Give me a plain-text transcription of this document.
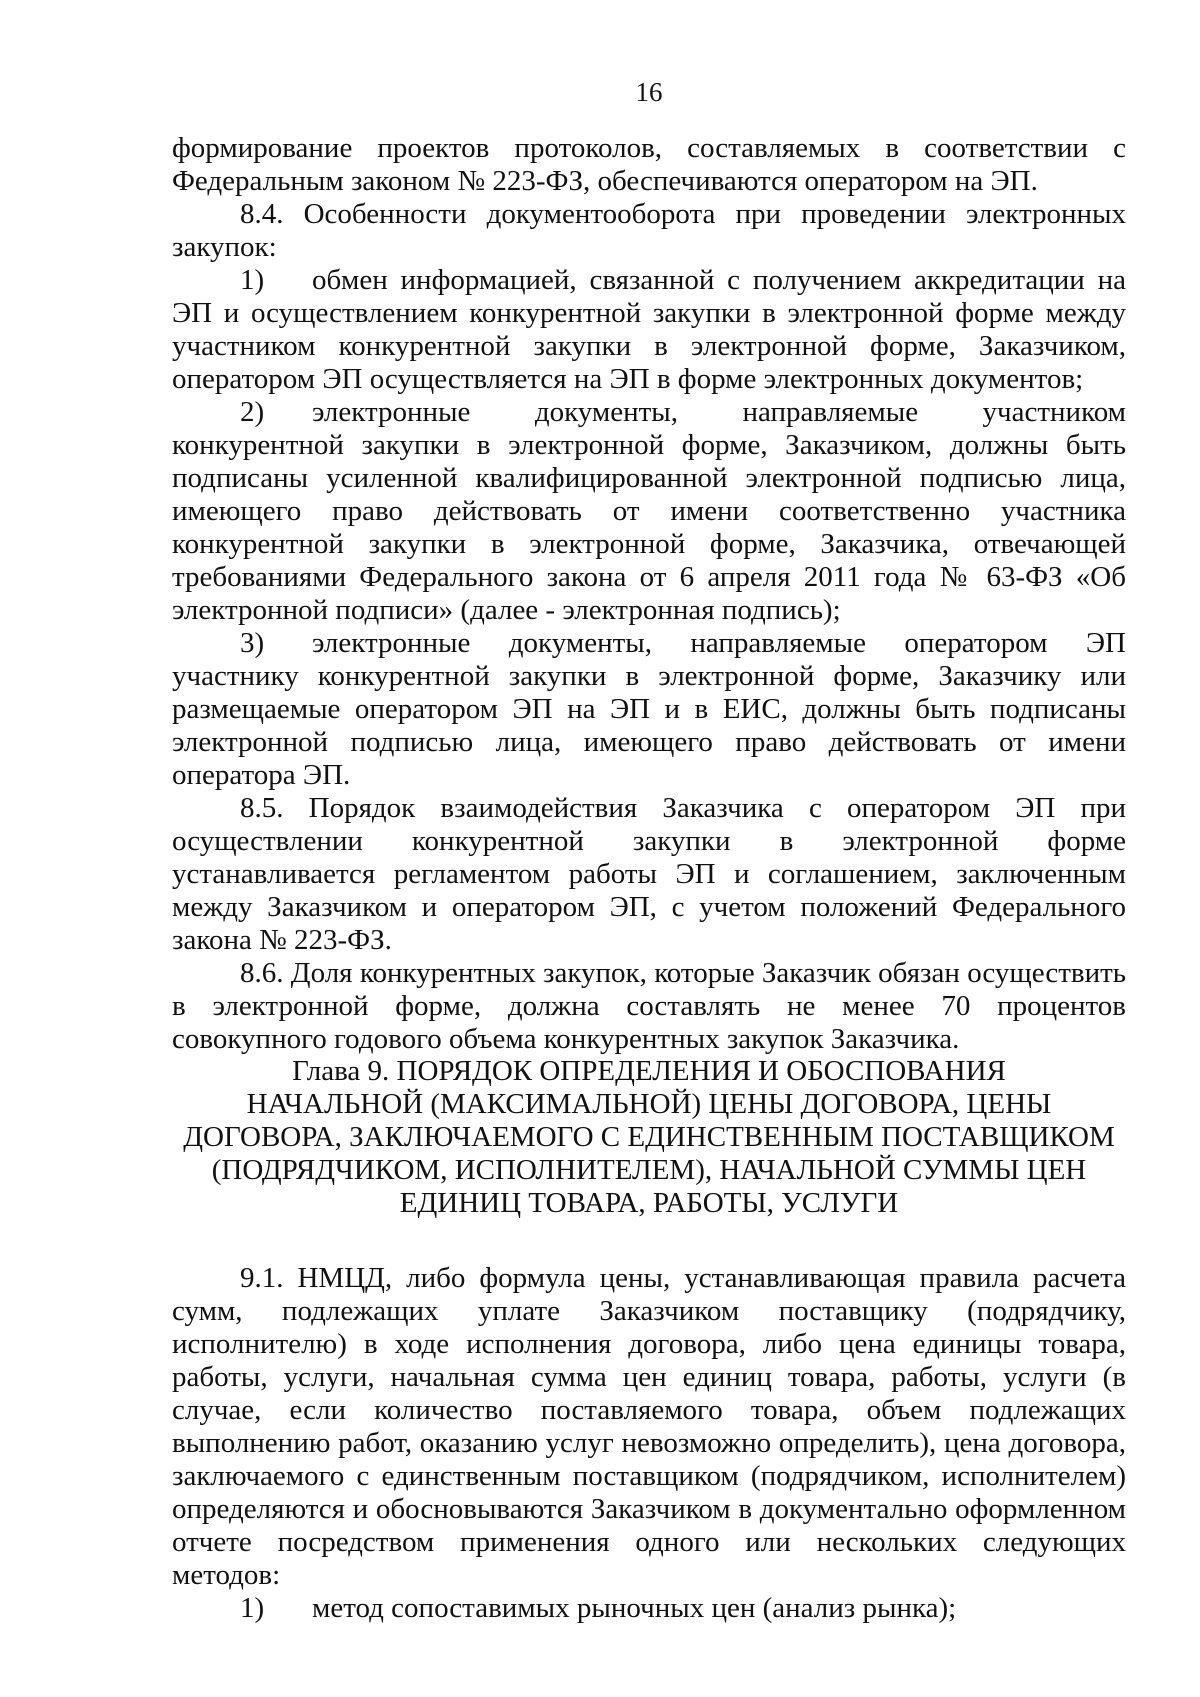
16

формирование проектов протоколов, составляемых в соответствии с Федеральным законом № 223-ФЗ, обеспечиваются оператором на ЭП.

8.4. Особенности документооборота при проведении электронных закупок:

1)	обмен информацией, связанной с получением аккредитации на ЭП и осуществлением конкурентной закупки в электронной форме между участником конкурентной закупки в электронной форме, Заказчиком, оператором ЭП осуществляется на ЭП в форме электронных документов;

2)	электронные документы, направляемые участником конкурентной закупки в электронной форме, Заказчиком, должны быть подписаны усиленной квалифицированной электронной подписью лица, имеющего право действовать от имени соответственно участника конкурентной закупки в электронной форме, Заказчика, отвечающей требованиями Федерального закона от 6 апреля 2011 года № 63-ФЗ «Об электронной подписи» (далее - электронная подпись);

3)	электронные документы, направляемые оператором ЭП участнику конкурентной закупки в электронной форме, Заказчику или размещаемые оператором ЭП на ЭП и в ЕИС, должны быть подписаны электронной подписью лица, имеющего право действовать от имени оператора ЭП.

8.5. Порядок взаимодействия Заказчика с оператором ЭП при осуществлении конкурентной закупки в электронной форме устанавливается регламентом работы ЭП и соглашением, заключенным между Заказчиком и оператором ЭП, с учетом положений Федерального закона № 223-ФЗ.

8.6. Доля конкурентных закупок, которые Заказчик обязан осуществить в электронной форме, должна составлять не менее 70 процентов совокупного годового объема конкурентных закупок Заказчика.

Глава 9. ПОРЯДОК ОПРЕДЕЛЕНИЯ И ОБОСПОВАНИЯ
НАЧАЛЬНОЙ (МАКСИМАЛЬНОЙ) ЦЕНЫ ДОГОВОРА, ЦЕНЫ
ДОГОВОРА, ЗАКЛЮЧАЕМОГО С ЕДИНСТВЕННЫМ ПОСТАВЩИКОМ
(ПОДРЯДЧИКОМ, ИСПОЛНИТЕЛЕМ), НАЧАЛЬНОЙ СУММЫ ЦЕН
ЕДИНИЦ ТОВАРА, РАБОТЫ, УСЛУГИ

9.1. НМЦД, либо формула цены, устанавливающая правила расчета сумм, подлежащих уплате Заказчиком поставщику (подрядчику, исполнителю) в ходе исполнения договора, либо цена единицы товара, работы, услуги, начальная сумма цен единиц товара, работы, услуги (в случае, если количество поставляемого товара, объем подлежащих выполнению работ, оказанию услуг невозможно определить), цена договора, заключаемого с единственным поставщиком (подрядчиком, исполнителем) определяются и обосновываются Заказчиком в документально оформленном отчете посредством применения одного или нескольких следующих методов:

1)	метод сопоставимых рыночных цен (анализ рынка);
